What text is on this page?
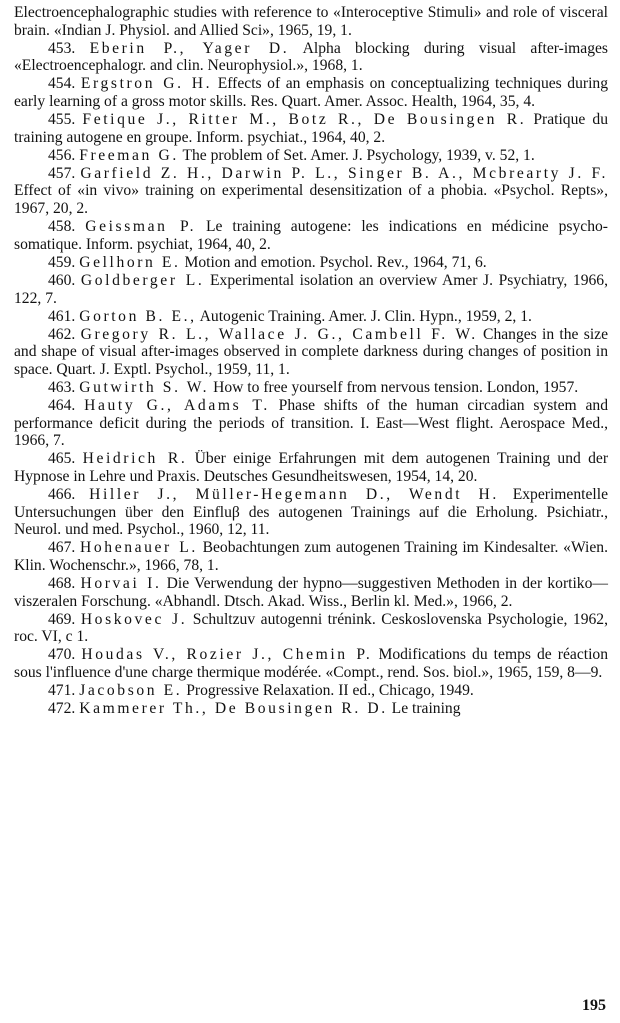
Electroencephalographic studies with reference to «Interoceptive Stimuli» and role of visceral brain. «Indian J. Physiol. and Allied Sci», 1965, 19, 1.

453. Eberin P., Yager D. Alpha blocking during visual after-images «Electroencephalogr. and clin. Neurophysiol.», 1968, 1.

454. Ergstron G. H. Effects of an emphasis on conceptualizing techniques during early learning of a gross motor skills. Res. Quart. Amer. Assoc. Health, 1964, 35, 4.

455. Fetique J., Ritter M., Botz R., De Bousingen R. Pratique du training autogene en groupe. Inform. psychiat., 1964, 40, 2.

456. Freeman G. The problem of Set. Amer. J. Psychology, 1939, v. 52, 1.

457. Garfield Z. H., Darwin P. L., Singer B. A., Mcbrearty J. F. Effect of «in vivo» training on experimental desensitization of a phobia. «Psychol. Repts», 1967, 20, 2.

458. Geissman P. Le training autogene: les indications en médicine psycho-somatique. Inform. psychiat, 1964, 40, 2.

459. Gellhorn E. Motion and emotion. Psychol. Rev., 1964, 71, 6.

460. Goldberger L. Experimental isolation an overview Amer J. Psychiatry, 1966, 122, 7.

461. Gorton B. E., Autogenic Training. Amer. J. Clin. Hypn., 1959, 2, 1.

462. Gregory R. L., Wallace J. G., Cambell F. W. Changes in the size and shape of visual after-images observed in complete darkness during changes of position in space. Quart. J. Exptl. Psychol., 1959, 11, 1.

463. Gutwirth S. W. How to free yourself from nervous tension. London, 1957.

464. Hauty G., Adams T. Phase shifts of the human circadian system and performance deficit during the periods of transition. I. East—West flight. Aerospace Med., 1966, 7.

465. Heidrich R. Über einige Erfahrungen mit dem autogenen Training und der Hypnose in Lehre und Praxis. Deutsches Gesundheitswesen, 1954, 14, 20.

466. Hiller J., Müller-Hegemann D., Wendt H. Experimentelle Untersuchungen über den Einfluβ des autogenen Trainings auf die Erholung. Psichiatr., Neurol. und med. Psychol., 1960, 12, 11.

467. Hohenauer L. Beobachtungen zum autogenen Training im Kindesalter. «Wien. Klin. Wochenschr.», 1966, 78, 1.

468. Horvai I. Die Verwendung der hypno—suggestiven Methoden in der kortiko—viszeralen Forschung. «Abhandl. Dtsch. Akad. Wiss., Berlin kl. Med.», 1966, 2.

469. Hoskovec J. Schultzuv autogenni trénink. Ceskoslovenska Psychologie, 1962, roc. VI, c 1.

470. Houdas V., Rozier J., Chemin P. Modifications du temps de réaction sous l'influence d'une charge thermique modérée. «Compt., rend. Sos. biol.», 1965, 159, 8—9.

471. Jacobson E. Progressive Relaxation. II ed., Chicago, 1949.

472. Kammerer Th., De Bousingen R. D. Le training

195
